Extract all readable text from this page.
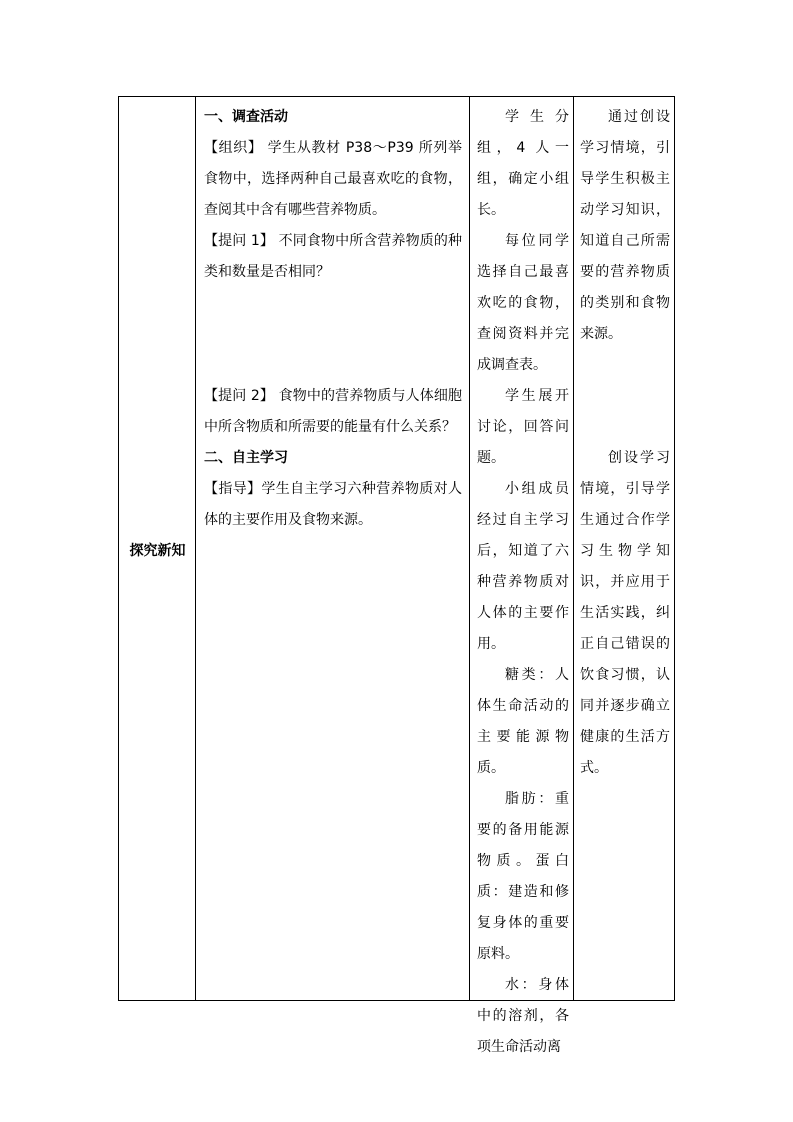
探究新知

一、调查活动

【组织】 学生从教材 P38～P39 所列举食物中，选择两种自己最喜欢吃的食物，查阅其中含有哪些营养物质。

【提问 1】 不同食物中所含营养物质的种类和数量是否相同？

【提问 2】 食物中的营养物质与人体细胞中所含物质和所需要的能量有什么关系？

二、自主学习

【指导】学生自主学习六种营养物质对人体的主要作用及食物来源。

学生分组，4 人一组，确定小组长。

每位同学选择自己最喜欢吃的食物，查阅资料并完成调查表。

学生展开讨论，回答问题。

小组成员经过自主学习后，知道了六种营养物质对人体的主要作用。

糖类：人体生命活动的主要能源物质。

脂肪：重要的备用能源物质。蛋白质：建造和修复身体的重要原料。

水：身体中的溶剂，各项生命活动离

通过创设学习情境，引导学生积极主动学习知识，知道自己所需要的营养物质的类别和食物来源。

创设学习情境，引导学生通过合作学习生物学知识，并应用于生活实践，纠正自己错误的饮食习惯，认同并逐步确立健康的生活方式。
